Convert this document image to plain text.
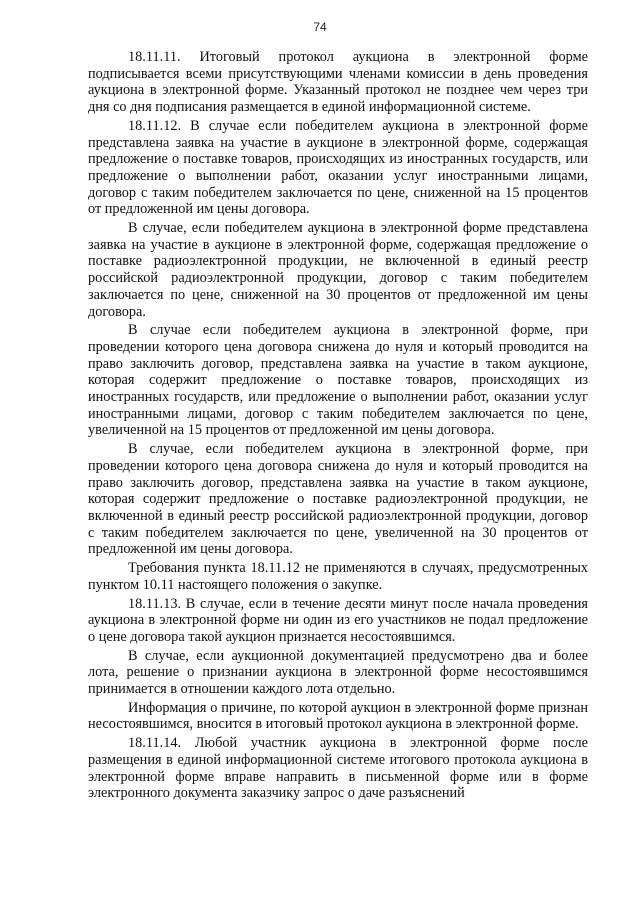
74

18.11.11. Итоговый протокол аукциона в электронной форме подписывается всеми присутствующими членами комиссии в день проведения аукциона в электронной форме. Указанный протокол не позднее чем через три дня со дня подписания размещается в единой информационной системе.

18.11.12. В случае если победителем аукциона в электронной форме представлена заявка на участие в аукционе в электронной форме, содержащая предложение о поставке товаров, происходящих из иностранных государств, или предложение о выполнении работ, оказании услуг иностранными лицами, договор с таким победителем заключается по цене, сниженной на 15 процентов от предложенной им цены договора.

В случае, если победителем аукциона в электронной форме представлена заявка на участие в аукционе в электронной форме, содержащая предложение о поставке радиоэлектронной продукции, не включенной в единый реестр российской радиоэлектронной продукции, договор с таким победителем заключается по цене, сниженной на 30 процентов от предложенной им цены договора.

В случае если победителем аукциона в электронной форме, при проведении которого цена договора снижена до нуля и который проводится на право заключить договор, представлена заявка на участие в таком аукционе, которая содержит предложение о поставке товаров, происходящих из иностранных государств, или предложение о выполнении работ, оказании услуг иностранными лицами, договор с таким победителем заключается по цене, увеличенной на 15 процентов от предложенной им цены договора.

В случае, если победителем аукциона в электронной форме, при проведении которого цена договора снижена до нуля и который проводится на право заключить договор, представлена заявка на участие в таком аукционе, которая содержит предложение о поставке радиоэлектронной продукции, не включенной в единый реестр российской радиоэлектронной продукции, договор с таким победителем заключается по цене, увеличенной на 30 процентов от предложенной им цены договора.

Требования пункта 18.11.12 не применяются в случаях, предусмотренных пунктом 10.11 настоящего положения о закупке.

18.11.13. В случае, если в течение десяти минут после начала проведения аукциона в электронной форме ни один из его участников не подал предложение о цене договора такой аукцион признается несостоявшимся.

В случае, если аукционной документацией предусмотрено два и более лота, решение о признании аукциона в электронной форме несостоявшимся принимается в отношении каждого лота отдельно.

Информация о причине, по которой аукцион в электронной форме признан несостоявшимся, вносится в итоговый протокол аукциона в электронной форме.

18.11.14. Любой участник аукциона в электронной форме после размещения в единой информационной системе итогового протокола аукциона в электронной форме вправе направить в письменной форме или в форме электронного документа заказчику запрос о даче разъяснений
